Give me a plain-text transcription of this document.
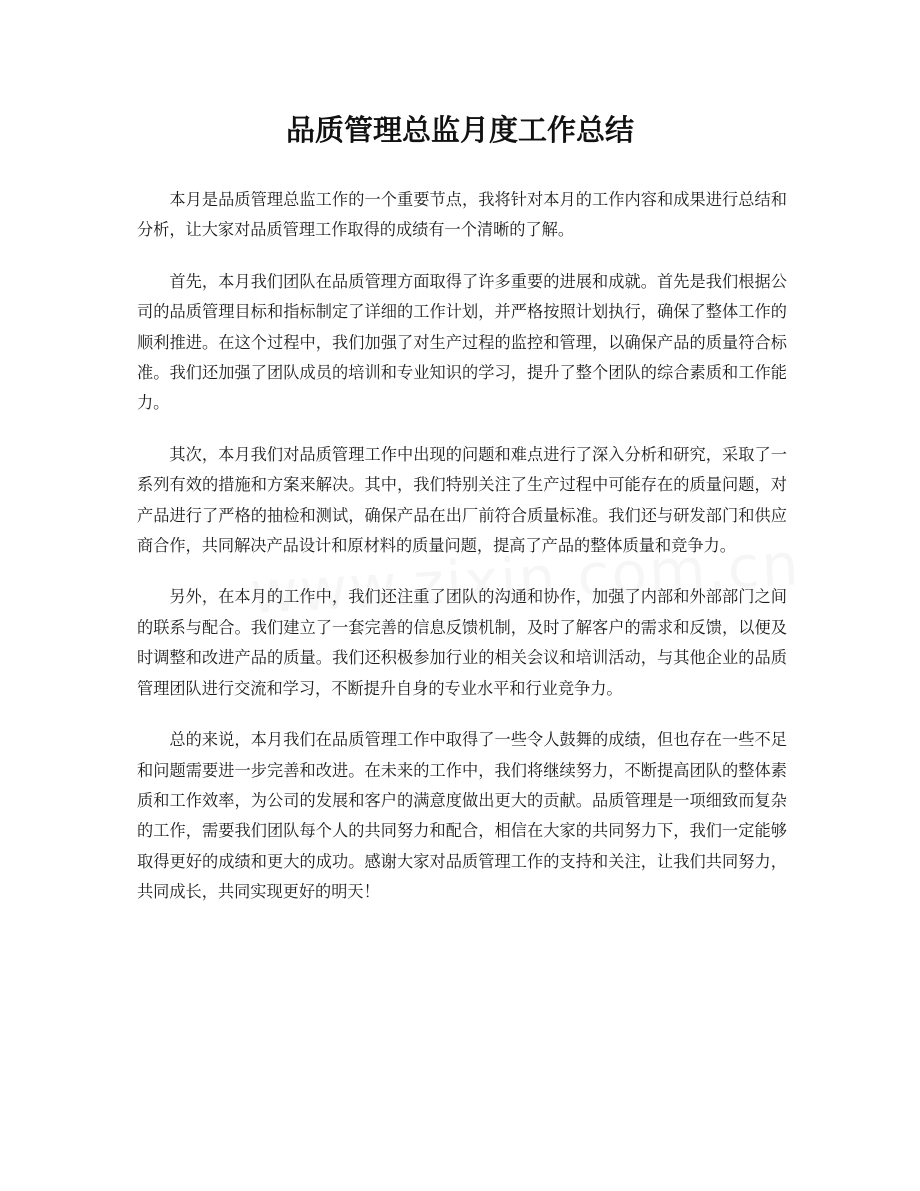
品质管理总监月度工作总结

本月是品质管理总监工作的一个重要节点，我将针对本月的工作内容和成果进行总结和分析，让大家对品质管理工作取得的成绩有一个清晰的了解。

首先，本月我们团队在品质管理方面取得了许多重要的进展和成就。首先是我们根据公司的品质管理目标和指标制定了详细的工作计划，并严格按照计划执行，确保了整体工作的顺利推进。在这个过程中，我们加强了对生产过程的监控和管理，以确保产品的质量符合标准。我们还加强了团队成员的培训和专业知识的学习，提升了整个团队的综合素质和工作能力。

其次，本月我们对品质管理工作中出现的问题和难点进行了深入分析和研究，采取了一系列有效的措施和方案来解决。其中，我们特别关注了生产过程中可能存在的质量问题，对产品进行了严格的抽检和测试，确保产品在出厂前符合质量标准。我们还与研发部门和供应商合作，共同解决产品设计和原材料的质量问题，提高了产品的整体质量和竞争力。

另外，在本月的工作中，我们还注重了团队的沟通和协作，加强了内部和外部部门之间的联系与配合。我们建立了一套完善的信息反馈机制，及时了解客户的需求和反馈，以便及时调整和改进产品的质量。我们还积极参加行业的相关会议和培训活动，与其他企业的品质管理团队进行交流和学习，不断提升自身的专业水平和行业竞争力。

总的来说，本月我们在品质管理工作中取得了一些令人鼓舞的成绩，但也存在一些不足和问题需要进一步完善和改进。在未来的工作中，我们将继续努力，不断提高团队的整体素质和工作效率，为公司的发展和客户的满意度做出更大的贡献。品质管理是一项细致而复杂的工作，需要我们团队每个人的共同努力和配合，相信在大家的共同努力下，我们一定能够取得更好的成绩和更大的成功。感谢大家对品质管理工作的支持和关注，让我们共同努力，共同成长，共同实现更好的明天！
